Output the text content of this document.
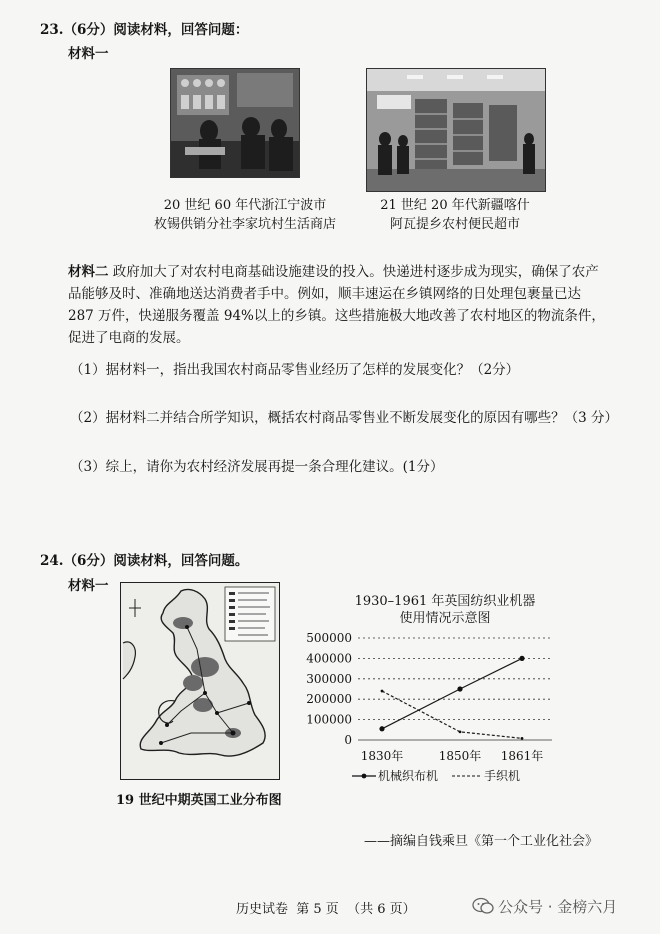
23.（6分）阅读材料，回答问题：
材料一
20 世纪 60 年代浙江宁波市
枚锡供销分社李家坑村生活商店
21 世纪 20 年代新疆喀什
阿瓦提乡农村便民超市
材料二 政府加大了对农村电商基础设施建设的投入。快递进村逐步成为现实，确保了农产
品能够及时、准确地送达消费者手中。例如，顺丰速运在乡镇网络的日处理包裹量已达
287 万件，快递服务覆盖 94%以上的乡镇。这些措施极大地改善了农村地区的物流条件，
促进了电商的发展。
（1）据材料一，指出我国农村商品零售业经历了怎样的发展变化？（2分）
（2）据材料二并结合所学知识，概括农村商品零售业不断发展变化的原因有哪些？（3 分）
（3）综上，请你为农村经济发展再提一条合理化建议。(1分）
24.（6分）阅读材料，回答问题。
材料一
19 世纪中期英国工业分布图
1930–1961 年英国纺织业机器
使用情况示意图
500000
400000
300000
200000
100000
0
1830年	1850年 1861年
机械织布机	手织机
——摘编自钱乘旦《第一个工业化社会》
历史试卷  第 5 页  （共 6 页）	公众号 · 金榜六月
